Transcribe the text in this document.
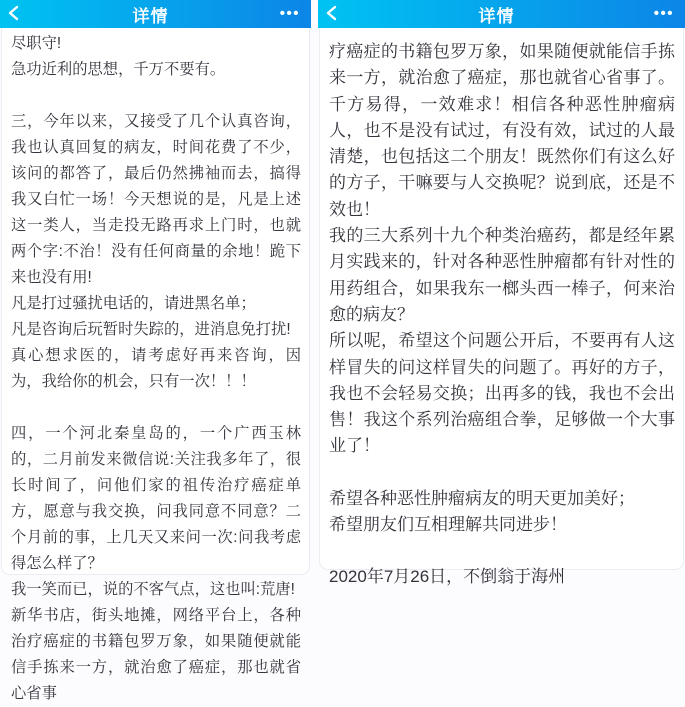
详情	•••

尽职守!

急功近利的思想，千万不要有。

三，今年以来，又接受了几个认真咨询，我也认真回复的病友，时间花费了不少，该问的都答了，最后仍然拂袖而去，搞得我又白忙一场！今天想说的是，凡是上述这一类人，当走投无路再求上门时，也就两个字:不治！没有任何商量的余地！跪下来也没有用!

凡是打过骚扰电话的，请进黑名单；

凡是咨询后玩暂时失踪的，进消息免打扰!

真心想求医的，请考虑好再来咨询，因为，我给你的机会，只有一次！！！

四，一个河北秦皇岛的，一个广西玉林的，二月前发来微信说:关注我多年了，很长时间了，问他们家的祖传治疗癌症单方，愿意与我交换，问我同意不同意？二个月前的事，上几天又来问一次:问我考虑得怎么样了？

我一笑而已，说的不客气点，这也叫:荒唐!

新华书店，街头地摊，网络平台上，各种治疗癌症的书籍包罗万象，如果随便就能信手拣来一方，就治愈了癌症，那也就省心省事

详情	•••

疗癌症的书籍包罗万象，如果随便就能信手拣来一方，就治愈了癌症，那也就省心省事了。千方易得，一效难求！相信各种恶性肿瘤病人，也不是没有试过，有没有效，试过的人最清楚，也包括这二个朋友！既然你们有这么好的方子，干嘛要与人交换呢？说到底，还是不效也！

我的三大系列十九个种类治癌药，都是经年累月实践来的，针对各种恶性肿瘤都有针对性的用药组合，如果我东一榔头西一棒子，何来治愈的病友？

所以呢，希望这个问题公开后，不要再有人这样冒失的问这样冒失的问题了。再好的方子，我也不会轻易交换；出再多的钱，我也不会出售！我这个系列治癌组合拳，足够做一个大事业了！

希望各种恶性肿瘤病友的明天更加美好；

希望朋友们互相理解共同进步！

2020年7月26日，不倒翁于海州
